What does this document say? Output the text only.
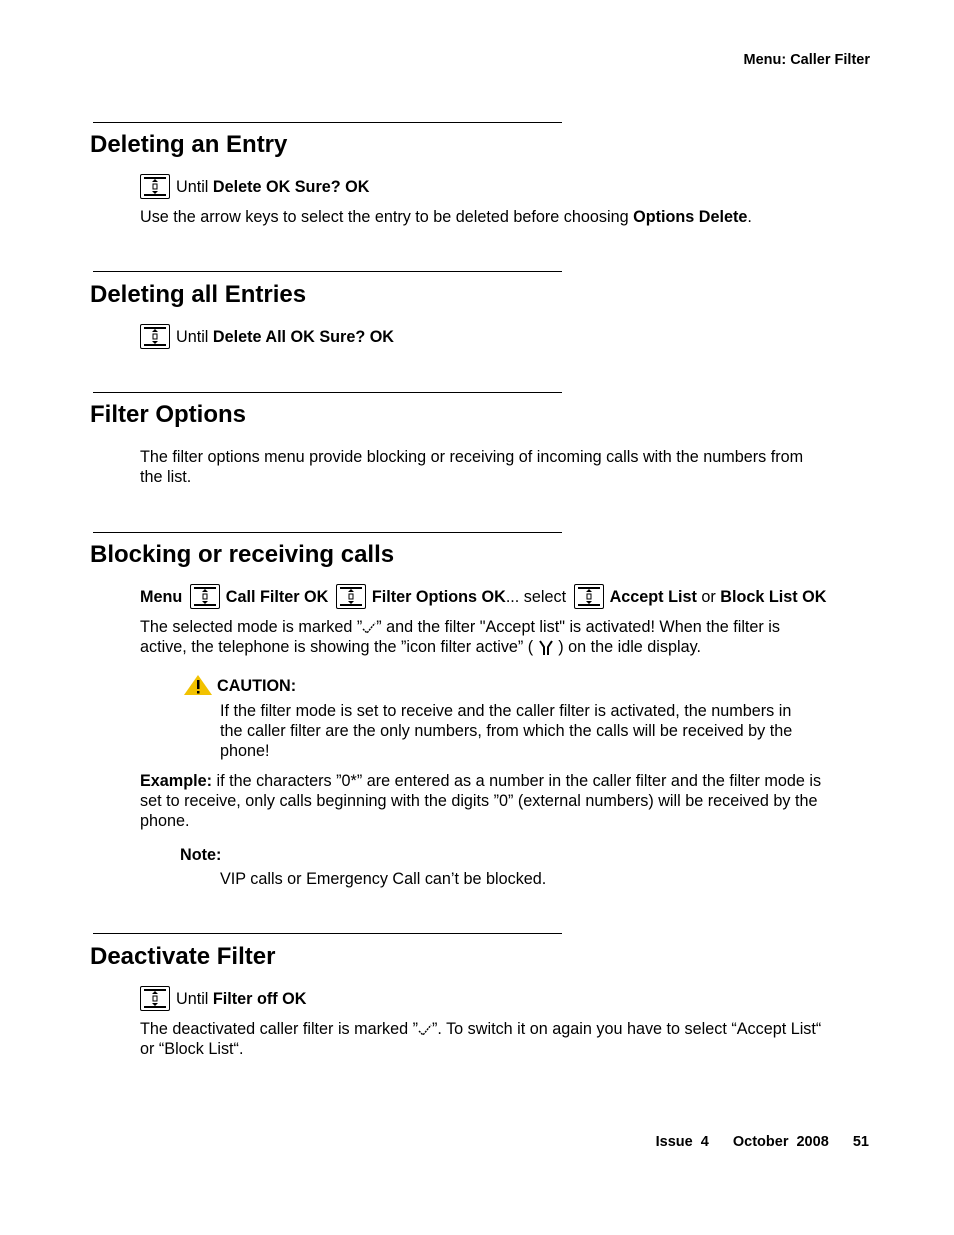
Menu: Caller Filter
Deleting an Entry
Until
Delete OK Sure? OK

Use the arrow keys to select the entry to be deleted before choosing Options Delete.

Deleting all Entries
Until
Delete All OK Sure? OK
Filter Options

The filter options menu provide blocking or receiving of incoming calls with the numbers from

the list.

Blocking or receiving calls
Menu
	Call Filter OK
	Filter Options OK ... select
	Accept List
or
Block List OK

The selected mode is marked ” ” and the filter "Accept list" is activated! When the filter is

active, the telephone is showing the ”icon filter active” (  ) on the idle display.

CAUTION:

If the filter mode is set to receive and the caller filter is activated, the numbers in

the caller filter are the only numbers, from which the calls will be received by the

phone!

Example: if the characters ”0*” are entered as a number in the caller filter and the filter mode is

set to receive, only calls beginning with the digits ”0” (external numbers) will be received by the

phone.

Note:
VIP calls or Emergency Call can’t be blocked.
Deactivate Filter
Until
Filter off OK

The deactivated caller filter is marked ” ”. To switch it on again you have to select “Accept List“

or “Block List“.

Issue 4 October 2008 51
